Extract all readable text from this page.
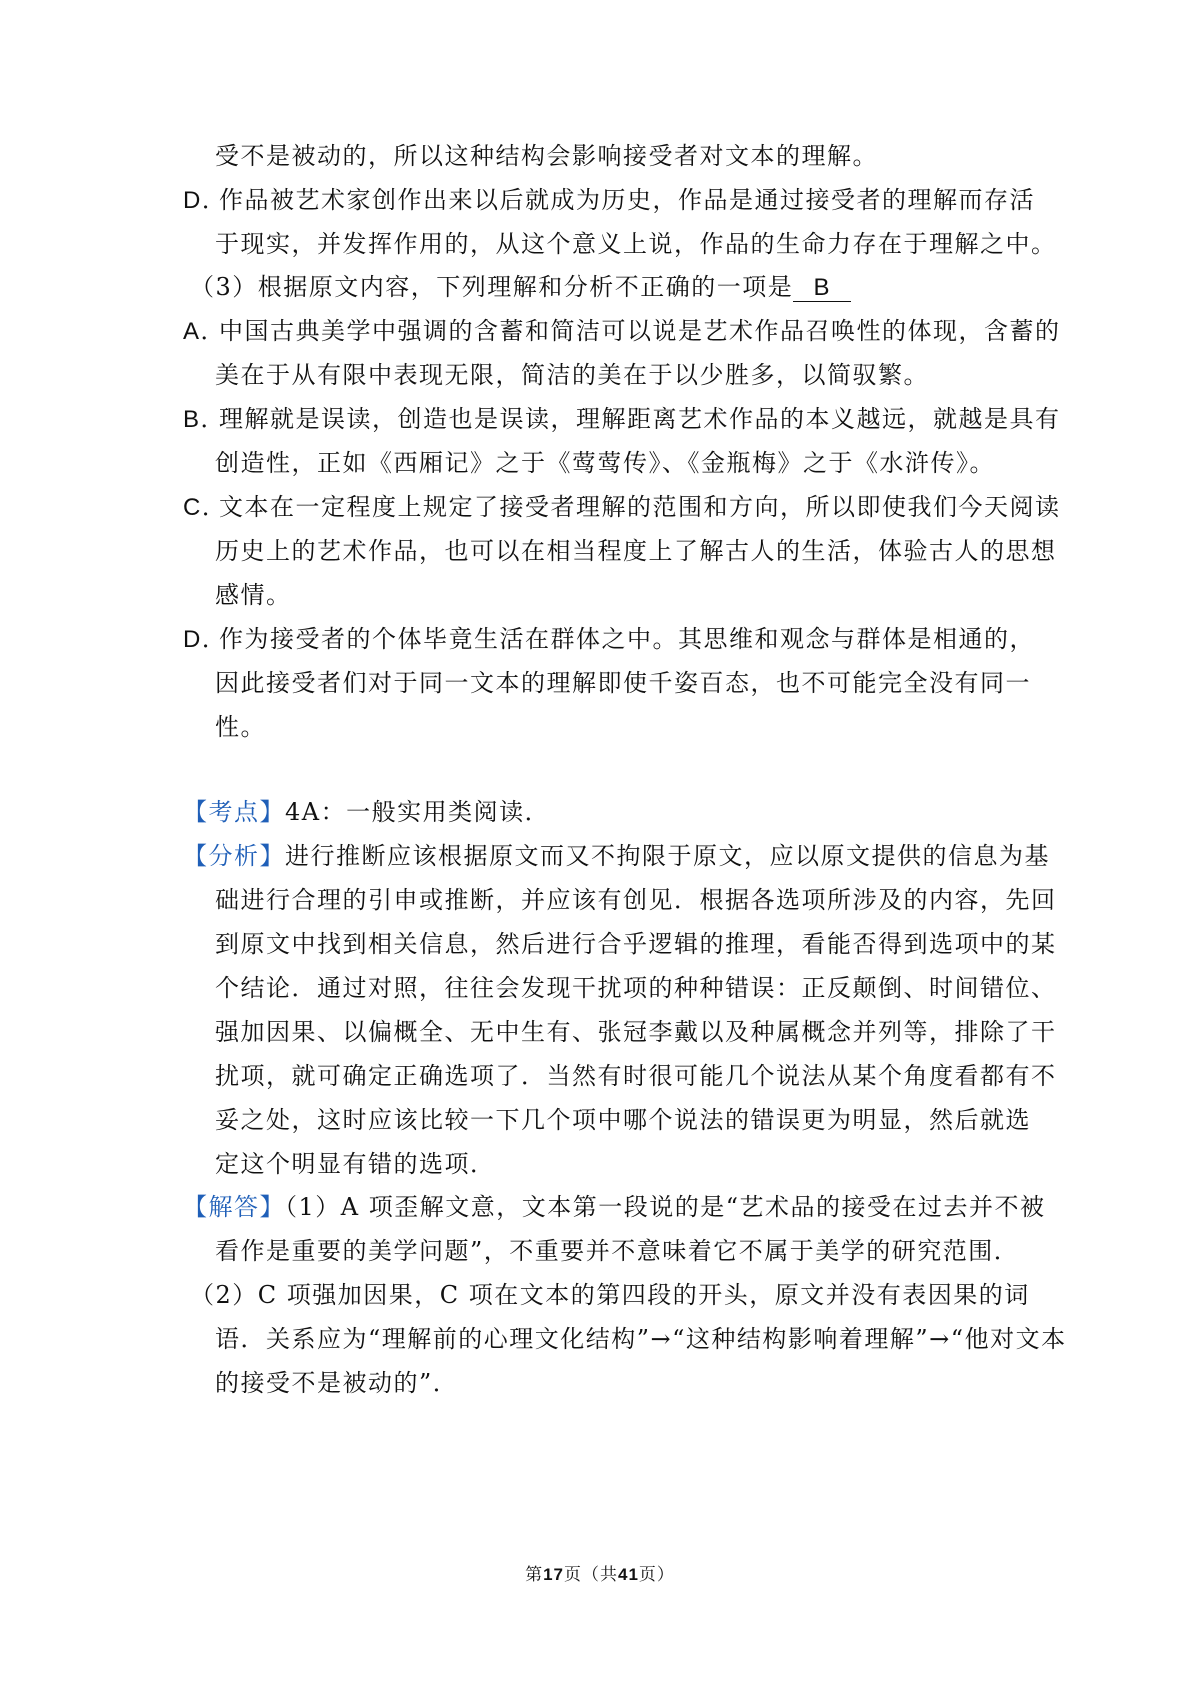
受不是被动的，所以这种结构会影响接受者对文本的理解。
D．作品被艺术家创作出来以后就成为历史，作品是通过接受者的理解而存活
于现实，并发挥作用的，从这个意义上说，作品的生命力存在于理解之中。
（3）根据原文内容，下列理解和分析不正确的一项是 B
A．中国古典美学中强调的含蓄和简洁可以说是艺术作品召唤性的体现，含蓄的
美在于从有限中表现无限，简洁的美在于以少胜多，以简驭繁。
B．理解就是误读，创造也是误读，理解距离艺术作品的本义越远，就越是具有
创造性，正如《西厢记》之于《莺莺传》、《金瓶梅》之于《水浒传》。
C．文本在一定程度上规定了接受者理解的范围和方向，所以即使我们今天阅读
历史上的艺术作品，也可以在相当程度上了解古人的生活，体验古人的思想
感情。
D．作为接受者的个体毕竟生活在群体之中。其思维和观念与群体是相通的，
因此接受者们对于同一文本的理解即使千姿百态，也不可能完全没有同一
性。
【考点】4A：一般实用类阅读．
【分析】进行推断应该根据原文而又不拘限于原文，应以原文提供的信息为基
础进行合理的引申或推断，并应该有创见．根据各选项所涉及的内容，先回
到原文中找到相关信息，然后进行合乎逻辑的推理，看能否得到选项中的某
个结论．通过对照，往往会发现干扰项的种种错误：正反颠倒、时间错位、
强加因果、以偏概全、无中生有、张冠李戴以及种属概念并列等，排除了干
扰项，就可确定正确选项了．当然有时很可能几个说法从某个角度看都有不
妥之处，这时应该比较一下几个项中哪个说法的错误更为明显，然后就选
定这个明显有错的选项．
【解答】（1）A 项歪解文意，文本第一段说的是“艺术品的接受在过去并不被
看作是重要的美学问题”，不重要并不意味着它不属于美学的研究范围．
（2）C 项强加因果，C 项在文本的第四段的开头，原文并没有表因果的词
语．关系应为“理解前的心理文化结构”→“这种结构影响着理解”→“他对文本
的接受不是被动的”．
第17页（共41页）
